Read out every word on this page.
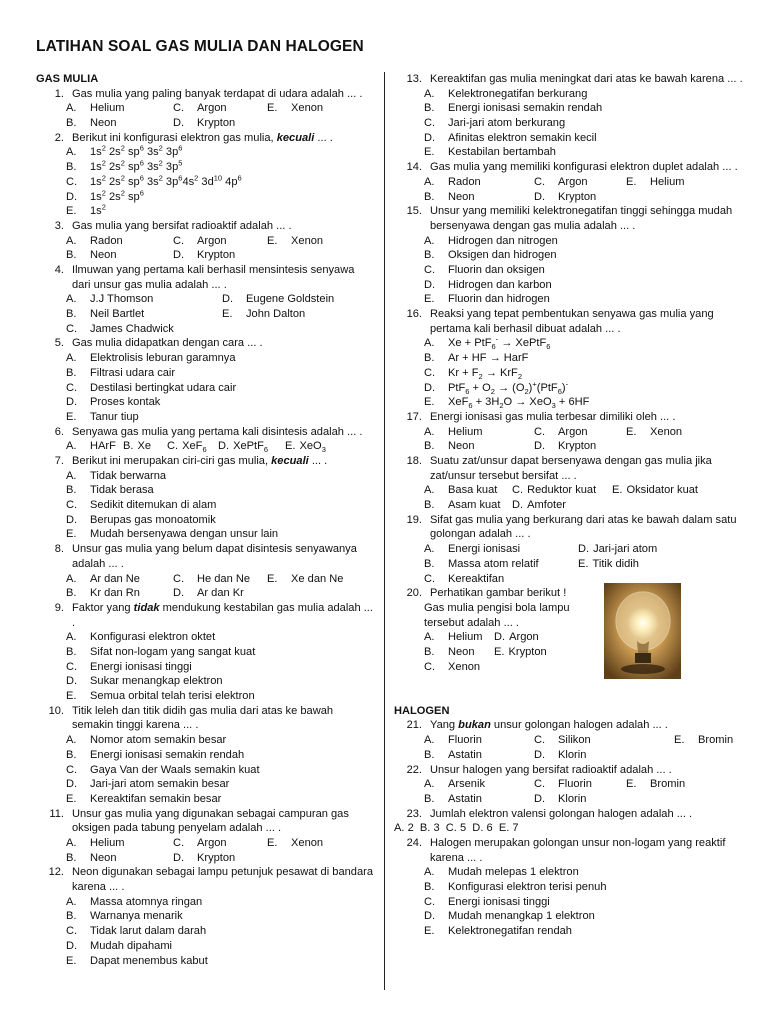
LATIHAN SOAL GAS MULIA DAN HALOGEN
GAS MULIA
1. Gas mulia yang paling banyak terdapat di udara adalah ... .
A.	Helium	C.	Argon	E.	Xenon
B.	Neon	D.	Krypton
2. Berikut ini konfigurasi elektron gas mulia, kecuali ... .
A.	$1s^2$ $2s^2$ $sp^6$ $3s^2$ $3p^6$
B.	$1s^2$ $2s^2$ $sp^6$ $3s^2$ $3p^5$
C.	$1s^2$ $2s^2$ $sp^6$ $3s^2$ $3p^64s^2$ $3d^{10}$ $4p^6$
D.	$1s^2$ $2s^2$ $sp^6$
E.	$1s^2$
3. Gas mulia yang bersifat radioaktif adalah ... .
A.	Radon	C.	Argon	E.	Xenon
B.	Neon	D.	Krypton
4. Ilmuwan yang pertama kali berhasil mensintesis senyawa dari unsur gas mulia adalah ... .
A.	J.J Thomson	D.	Eugene Goldstein
B.	Neil Bartlet	E.	John Dalton
C.	James Chadwick
5. Gas mulia didapatkan dengan cara ... .
A.	Elektrolisis leburan garamnya
B.	Filtrasi udara cair
C.	Destilasi bertingkat udara cair
D.	Proses kontak
E.	Tanur tiup
6. Senyawa gas mulia yang pertama kali disintesis adalah ... .
A.	HArF B. Xe C. XeF$_6$ D. XePtF$_6$ E. XeO$_3$
7. Berikut ini merupakan ciri-ciri gas mulia, kecuali ... .
A.	Tidak berwarna
B.	Tidak berasa
C.	Sedikit ditemukan di alam
D.	Berupas gas monoatomik
E.	Mudah bersenyawa dengan unsur lain
8. Unsur gas mulia yang belum dapat disintesis senyawanya adalah ... .
A.	Ar dan Ne	C.	He dan Ne E.	Xe dan Ne
B.	Kr dan Rn	D.	Ar dan Kr
9. Faktor yang tidak mendukung kestabilan gas mulia adalah ... .
A.	Konfigurasi elektron oktet
B.	Sifat non-logam yang sangat kuat
C.	Energi ionisasi tinggi
D.	Sukar menangkap elektron
E.	Semua orbital telah terisi elektron
10. Titik leleh dan titik didih gas mulia dari atas ke bawah semakin tinggi karena ... .
A.	Nomor atom semakin besar
B.	Energi ionisasi semakin rendah
C.	Gaya Van der Waals semakin kuat
D.	Jari-jari atom semakin besar
E.	Kereaktifan semakin besar
11. Unsur gas mulia yang digunakan sebagai campuran gas oksigen pada tabung penyelam adalah ... .
A.	Helium	C.	Argon	E.	Xenon
B.	Neon	D.	Krypton
12. Neon digunakan sebagai lampu petunjuk pesawat di bandara karena ... .
A.	Massa atomnya ringan
B.	Warnanya menarik
C.	Tidak larut dalam darah
D.	Mudah dipahami
E.	Dapat menembus kabut
13. Kereaktifan gas mulia meningkat dari atas ke bawah karena ... .
A.	Kelektronegatifan berkurang
B.	Energi ionisasi semakin rendah
C.	Jari-jari atom berkurang
D.	Afinitas elektron semakin kecil
E.	Kestabilan bertambah
14. Gas mulia yang memiliki konfigurasi elektron duplet adalah ... .
A.	Radon	C.	Argon	E.	Helium
B.	Neon	D.	Krypton
15. Unsur yang memiliki kelektronegatifan tinggi sehingga mudah bersenyawa dengan gas mulia adalah ... .
A.	Hidrogen dan nitrogen
B.	Oksigen dan hidrogen
C.	Fluorin dan oksigen
D.	Hidrogen dan karbon
E.	Fluorin dan hidrogen
16. Reaksi yang tepat pembentukan senyawa gas mulia yang pertama kali berhasil dibuat adalah ... .
A.	Xe + PtF$_6$- → XePtF$_6$
B.	Ar + HF → HarF
C.	$Kr + F_2 \to KrF_2$
D.	$PtF_6 + O_2 \to (O_2)^+(PtF_6)^-$
E.	$XeF_6 + 3H_2O \to XeO_3 + 6HF$
17. Energi ionisasi gas mulia terbesar dimiliki oleh ... .
A.	Helium	C.	Argon	E.	Xenon
B.	Neon	D.	Krypton
18. Suatu zat/unsur dapat bersenyawa dengan gas mulia jika zat/unsur tersebut bersifat ... .
A.	Basa kuat C. Reduktor kuat E. Oksidator kuat
B.	Asam kuat D. Amfoter
19. Sifat gas mulia yang berkurang dari atas ke bawah dalam satu golongan adalah ... .
A.	Energi ionisasi	D. Jari-jari atom
B.	Massa atom relatif	E. Titik didih
C.	Kereaktifan
20. Perhatikan gambar berikut !
Gas mulia pengisi bola lampu
tersebut adalah ... .
A.	Helium D. Argon
B.	Neon E. Krypton
C.	Xenon
HALOGEN
21. Yang bukan unsur golongan halogen adalah ... .
A.	Fluorin	C.	Silikon	E.	Bromin
B.	Astatin	D.	Klorin
22. Unsur halogen yang bersifat radioaktif adalah ... .
A.	Arsenik	C.	Fluorin	E.	Bromin
B.	Astatin	D.	Klorin
23. Jumlah elektron valensi golongan halogen adalah ... .
A. 2  B. 3  C. 5  D. 6  E. 7
24. Halogen merupakan golongan unsur non-logam yang reaktif karena ... .
A.	Mudah melepas 1 elektron
B.	Konfigurasi elektron terisi penuh
C.	Energi ionisasi tinggi
D.	Mudah menangkap 1 elektron
E.	Kelektronegatifan rendah
